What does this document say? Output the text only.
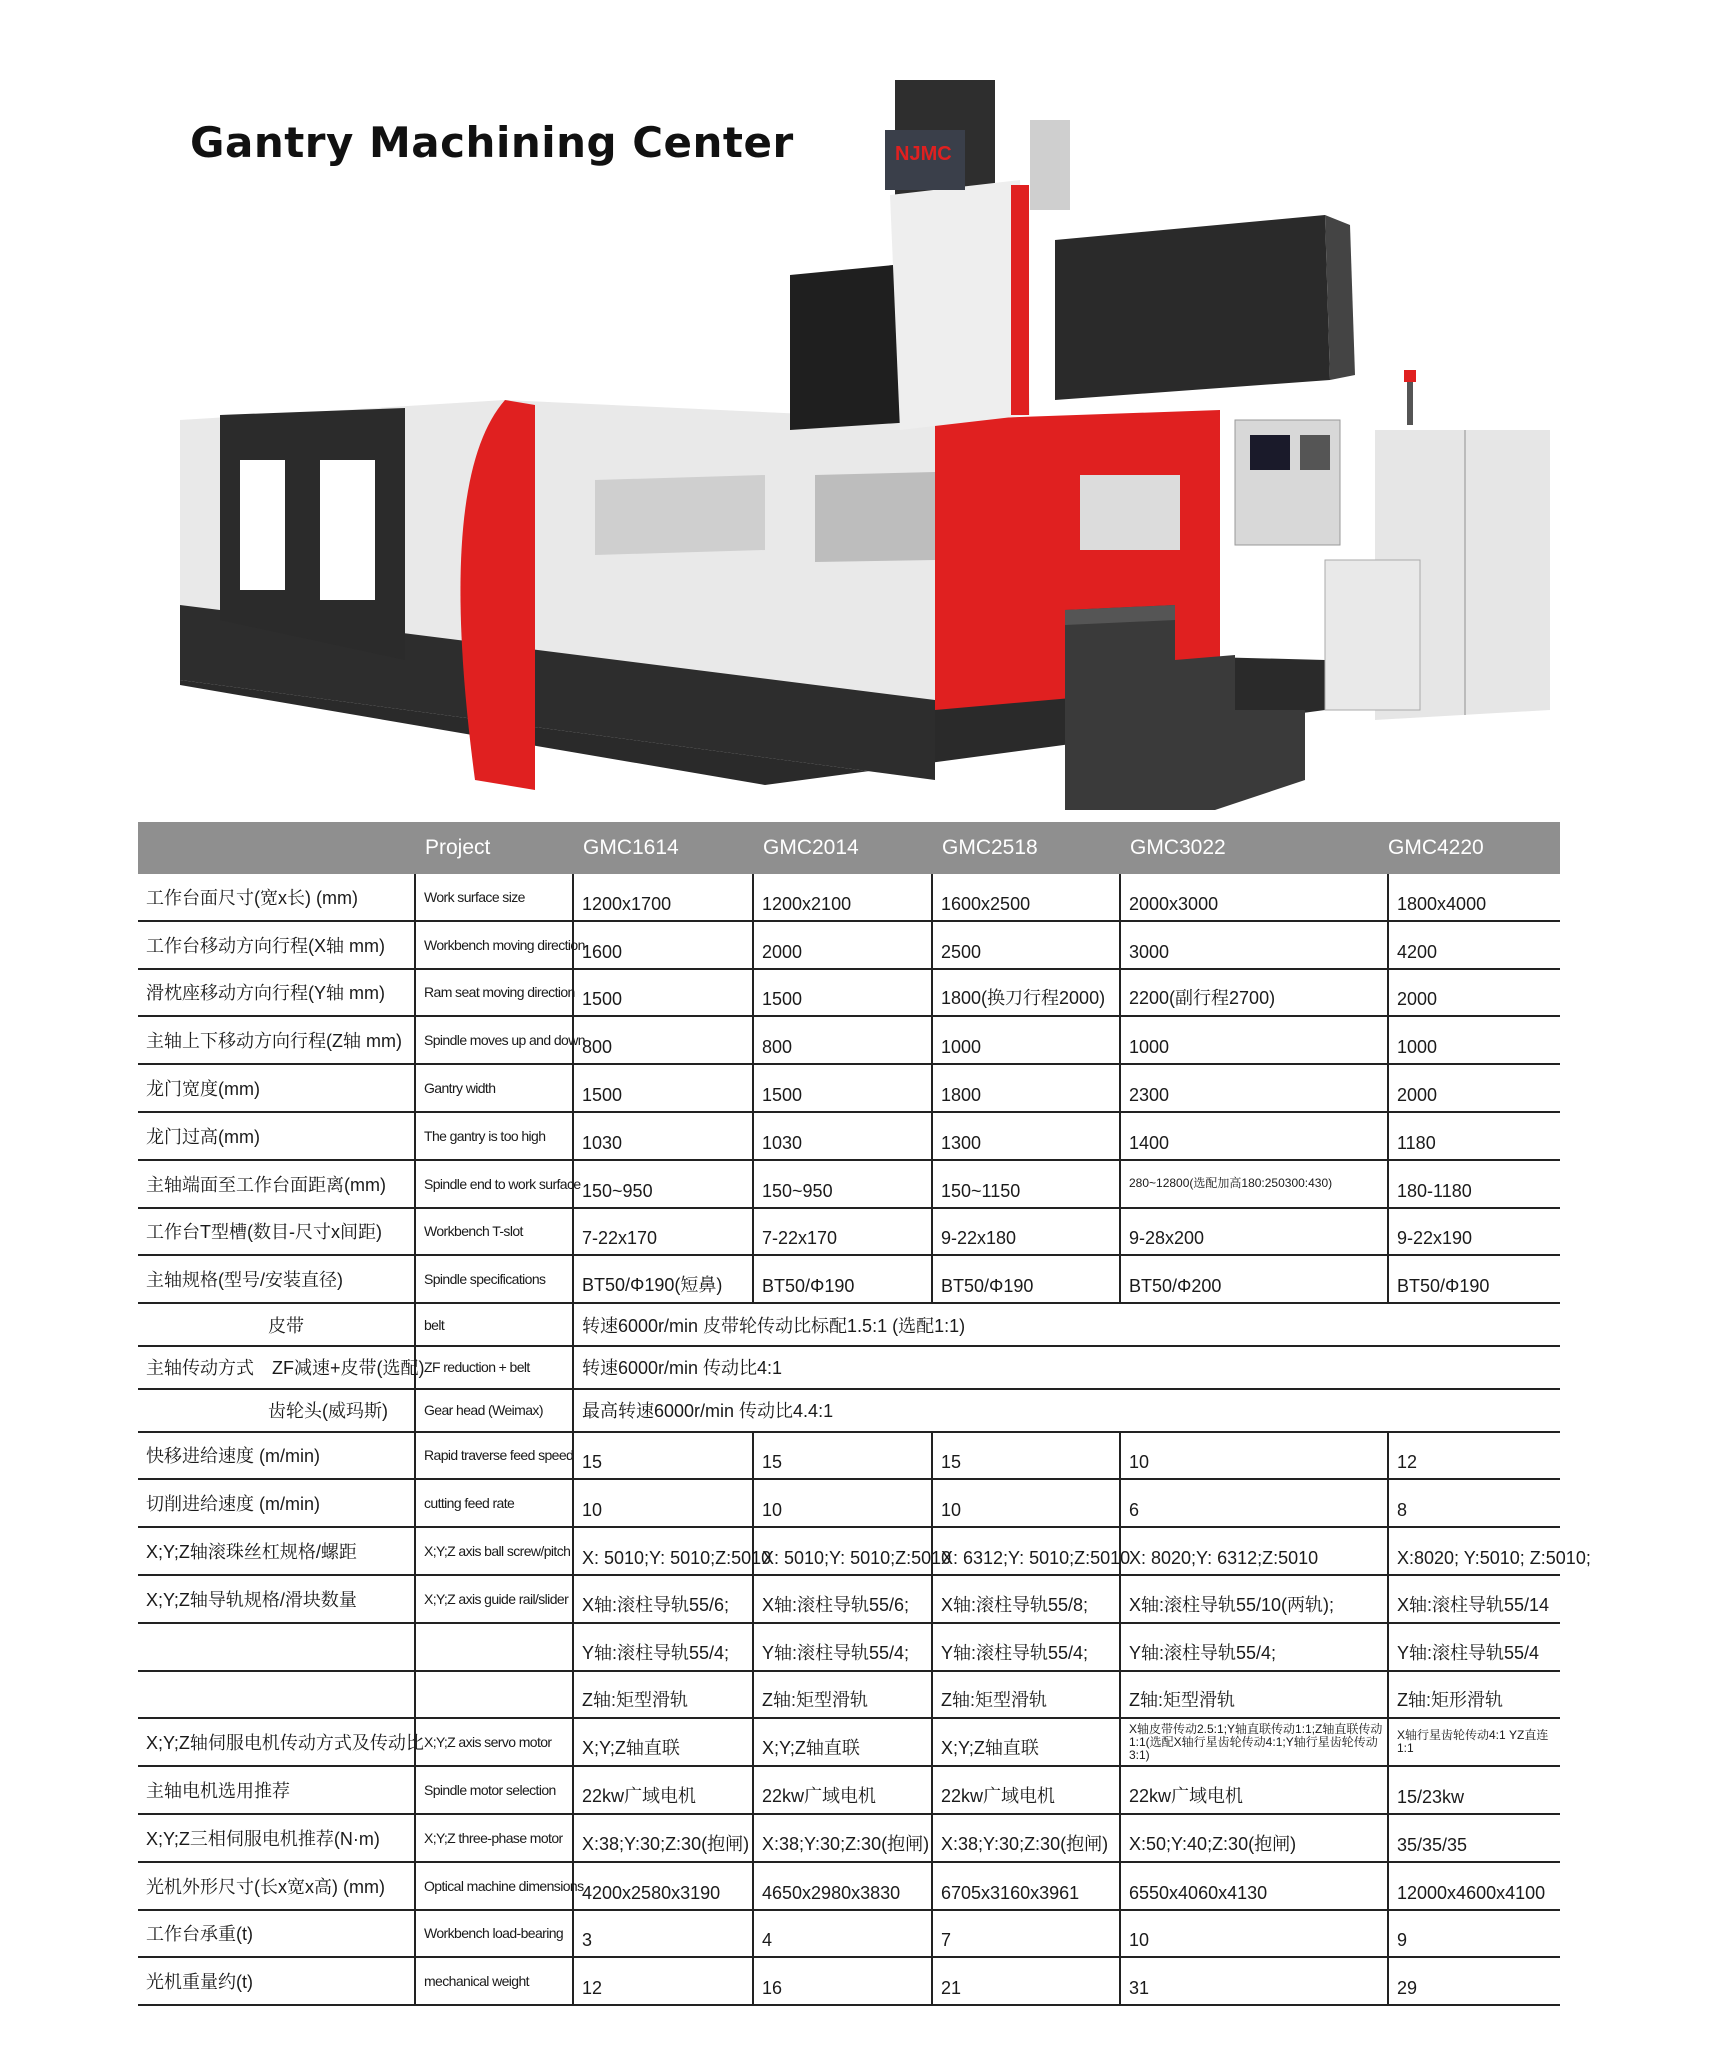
Gantry Machining Center	NJMC
	Project	GMC1614	GMC2014	GMC2518	GMC3022	GMC4220
工作台面尺寸(宽x长) (mm)	Work surface size	1200x1700	1200x2100	1600x2500	2000x3000	1800x4000
工作台移动方向行程(X轴 mm)	Workbench moving direction	1600	2000	2500	3000	4200
滑枕座移动方向行程(Y轴 mm)	Ram seat moving direction	1500	1500	1800(换刀行程2000)	2200(副行程2700)	2000
主轴上下移动方向行程(Z轴 mm)	Spindle moves up and down	800	800	1000	1000	1000
龙门宽度(mm)	Gantry width	1500	1500	1800	2300	2000
龙门过高(mm)	The gantry is too high	1030	1030	1300	1400	1180
主轴端面至工作台面距离(mm)	Spindle end to work surface	150~950	150~950	150~1150	280~12800(选配加高180:250300:430)	180-1180
工作台T型槽(数目-尺寸x间距)	Workbench T-slot	7-22x170	7-22x170	9-22x180	9-28x200	9-22x190
主轴规格(型号/安装直径)	Spindle specifications	BT50/Φ190(短鼻)	BT50/Φ190	BT50/Φ190	BT50/Φ200	BT50/Φ190
皮带	belt	转速6000r/min 皮带轮传动比标配1.5:1 (选配1:1)				
主轴传动方式 ZF减速+皮带(选配)	ZF reduction + belt	转速6000r/min 传动比4:1				
齿轮头(威玛斯)	Gear head (Weimax)	最高转速6000r/min 传动比4.4:1				
快移进给速度 (m/min)	Rapid traverse feed speed	15	15	15	10	12
切削进给速度 (m/min)	cutting feed rate	10	10	10	6	8
X;Y;Z轴滚珠丝杠规格/螺距	X;Y;Z axis ball screw/pitch	X: 5010;Y: 5010;Z:5010	X: 5010;Y: 5010;Z:5010	X: 6312;Y: 5010;Z:5010	X: 8020;Y: 6312;Z:5010	X:8020; Y:5010; Z:5010;
X;Y;Z轴导轨规格/滑块数量	X;Y;Z axis guide rail/slider	X轴:滚柱导轨55/6;	X轴:滚柱导轨55/6;	X轴:滚柱导轨55/8;	X轴:滚柱导轨55/10(两轨);	X轴:滚柱导轨55/14
		Y轴:滚柱导轨55/4;	Y轴:滚柱导轨55/4;	Y轴:滚柱导轨55/4;	Y轴:滚柱导轨55/4;	Y轴:滚柱导轨55/4
		Z轴:矩型滑轨	Z轴:矩型滑轨	Z轴:矩型滑轨	Z轴:矩型滑轨	Z轴:矩形滑轨
X;Y;Z轴伺服电机传动方式及传动比	X;Y;Z axis servo motor	X;Y;Z轴直联	X;Y;Z轴直联	X;Y;Z轴直联	X轴皮带传动2.5:1;Y轴直联传动1:1;Z轴直联传动1:1(选配X轴行星齿轮传动4:1;Y轴行星齿轮传动3:1)	X轴行星齿轮传动4:1 YZ直连1:1
主轴电机选用推荐	Spindle motor selection	22kw广域电机	22kw广域电机	22kw广域电机	22kw广域电机	15/23kw
X;Y;Z三相伺服电机推荐(N·m)	X;Y;Z three-phase motor	X:38;Y:30;Z:30(抱闸)	X:38;Y:30;Z:30(抱闸)	X:38;Y:30;Z:30(抱闸)	X:50;Y:40;Z:30(抱闸)	35/35/35
光机外形尺寸(长x宽x高) (mm)	Optical machine dimensions	4200x2580x3190	4650x2980x3830	6705x3160x3961	6550x4060x4130	12000x4600x4100
工作台承重(t)	Workbench load-bearing	3	4	7	10	9
光机重量约(t)	mechanical weight	12	16	21	31	29
